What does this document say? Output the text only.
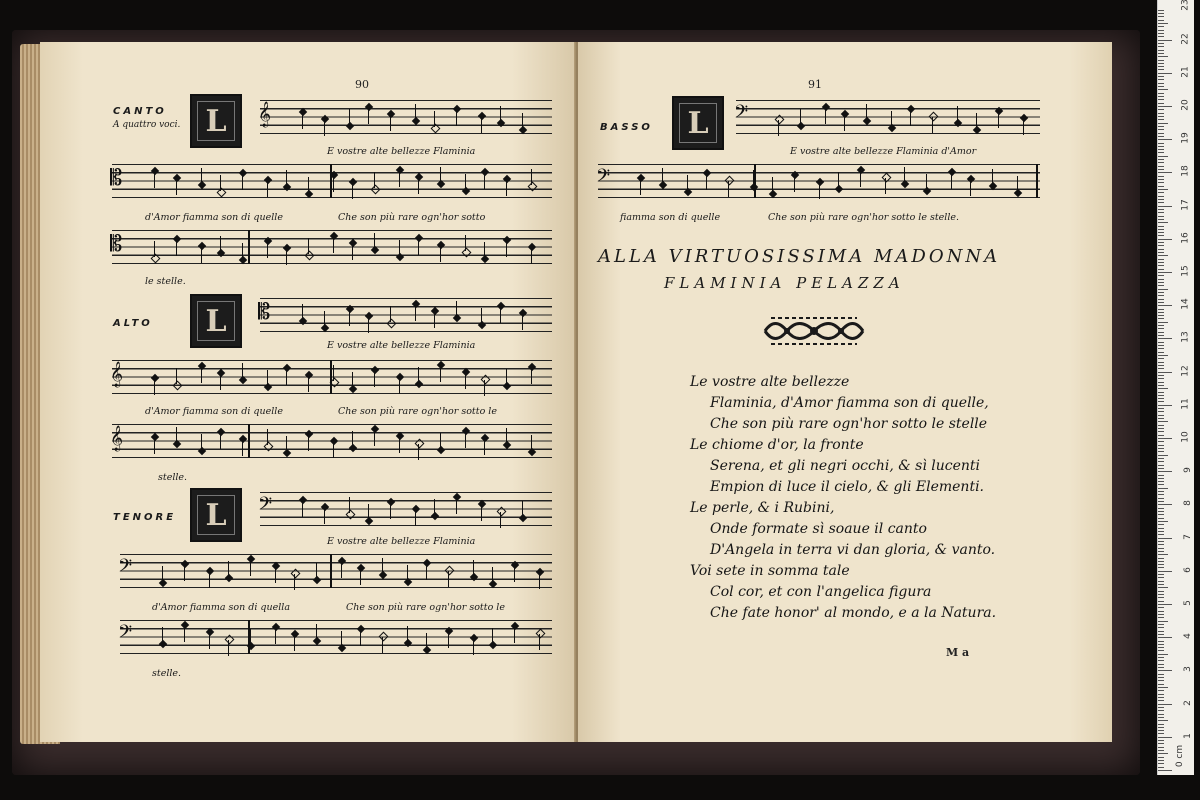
90
CANTO
A quattro voci. L	𝄞
E vostre alte bellezze Flaminia
𝄡
d'Amor fiamma son di quelle	Che son più rare ogn'hor sotto
𝄡
le stelle.
ALTO L	𝄡
E vostre alte bellezze Flaminia
𝄞
d'Amor fiamma son di quelle	Che son più rare ogn'hor sotto le
𝄞
stelle.
TENORE L	𝄢
E vostre alte bellezze Flaminia
𝄢
d'Amor fiamma son di quella	Che son più rare ogn'hor sotto le
𝄢
stelle.
91
BASSO L	𝄢
E vostre alte bellezze Flaminia d'Amor
𝄢
fiamma son di quelle	Che son più rare ogn'hor sotto le stelle.
ALLA VIRTUOSISSIMA MADONNA
FLAMINIA PELAZZA
Le vostre alte bellezze
Flaminia, d'Amor fiamma son di quelle,
Che son più rare ogn'hor sotto le stelle
Le chiome d'or, la fronte
Serena, et gli negri occhi, & sì lucenti
Empion di luce il cielo, & gli Elementi.
Le perle, & i Rubini,
Onde formate sì soaue il canto
D'Angela in terra vi dan gloria, & vanto.
Voi sete in somma tale
Col cor, et con l'angelica figura
Che fate honor' al mondo, e a la Natura.
M a
0 cm
1
2
3
4
5
6
7
8
9
10
11
12
13
14
15
16
17
18
19
20
21
22
23
